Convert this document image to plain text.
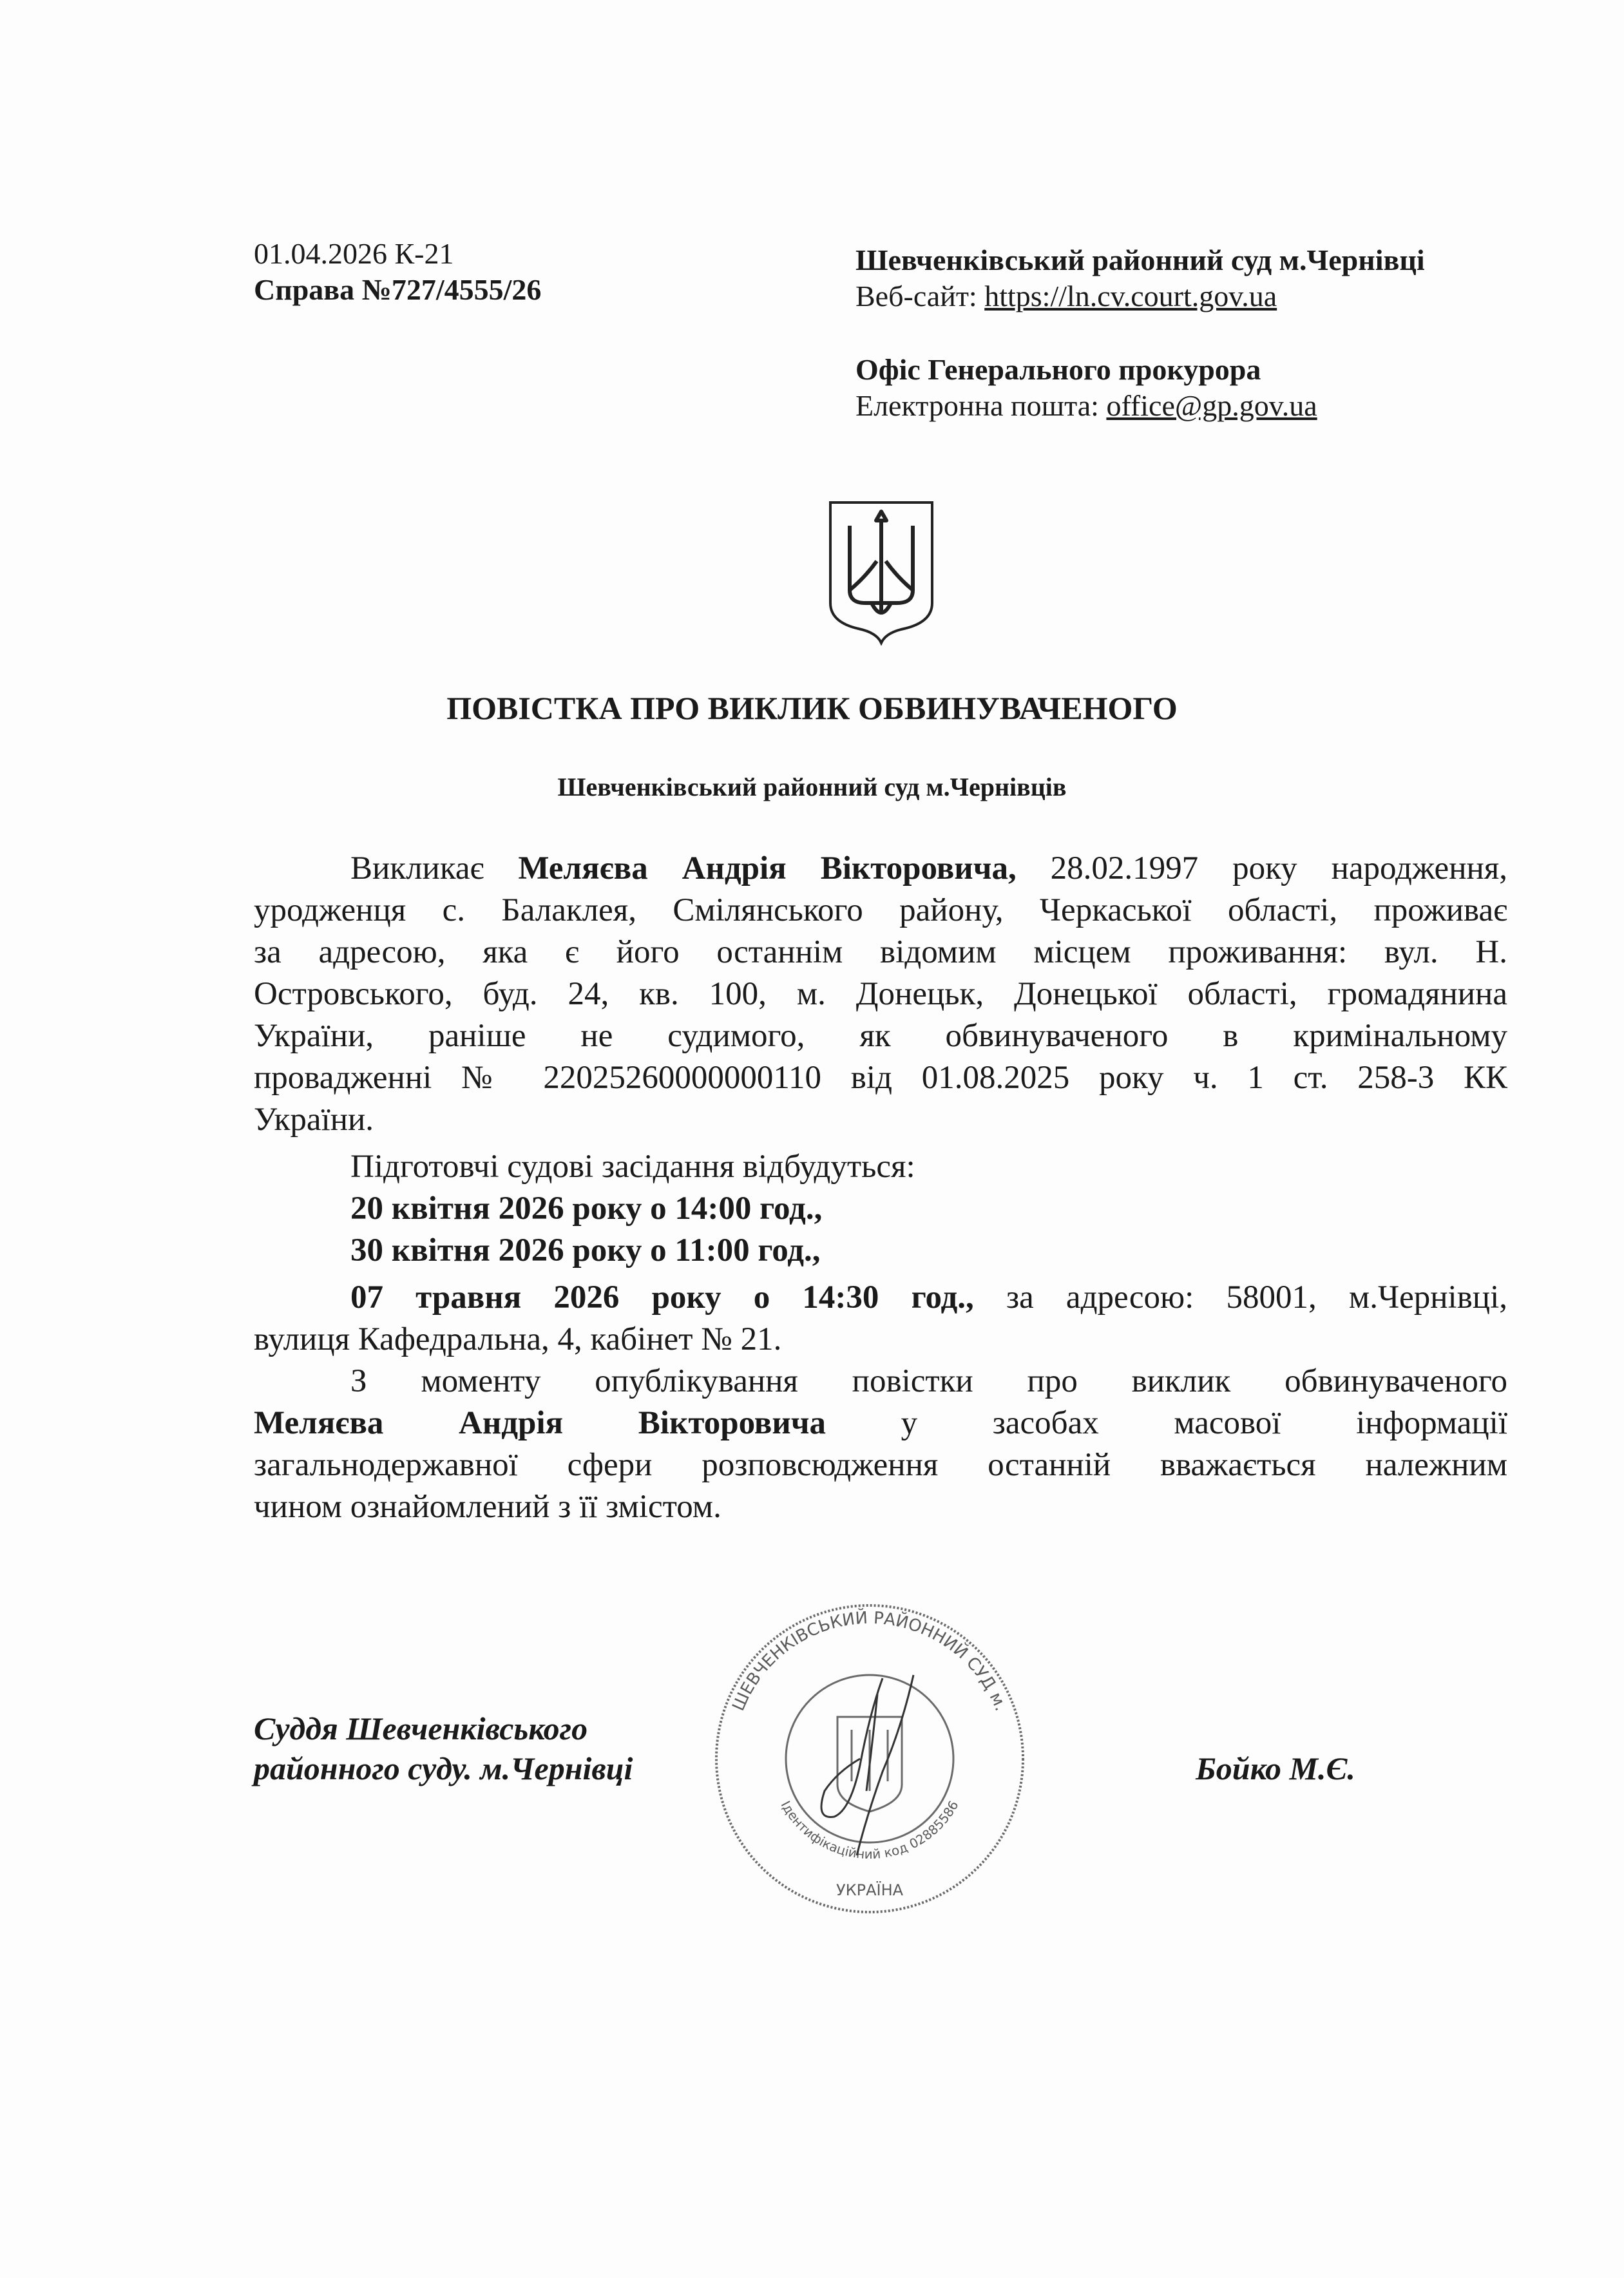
01.04.2026 К-21
Справа №727/4555/26
Шевченківський районний суд м.Чернівці
Веб-сайт: https://ln.cv.court.gov.ua
Офіс Генерального прокурора
Електронна пошта: office@gp.gov.ua
ПОВІСТКА ПРО ВИКЛИК ОБВИНУВАЧЕНОГО
Шевченківський районний суд м.Чернівців
Викликає Меляєва Андрія Вікторовича, 28.02.1997 року народження,
уродженця с. Балаклея, Смілянського району, Черкаської області, проживає
за адресою, яка є його останнім відомим місцем проживання: вул. Н.
Островського, буд. 24, кв. 100, м. Донецьк, Донецької області, громадянина
України, раніше не судимого, як обвинуваченого в кримінальному
провадженні № 22025260000000110 від 01.08.2025 року ч. 1 ст. 258-3 КК
України.
Підготовчі судові засідання відбудуться:
20 квітня 2026 року о 14:00 год.,
30 квітня 2026 року о 11:00 год.,
07 травня 2026 року о 14:30 год., за адресою: 58001, м.Чернівці,
вулиця Кафедральна, 4, кабінет № 21.
З моменту опублікування повістки про виклик обвинуваченого
Меляєва Андрія Вікторовича у засобах масової інформації
загальнодержавної сфери розповсюдження останній вважається належним
чином ознайомлений з її змістом.
Суддя Шевченківського
районного суду. м.Чернівці	Бойко М.Є.
ШЕВЧЕНКІВСЬКИЙ РАЙОННИЙ СУД м.
Ідентифікаційний код 02885586
УКРАЇНА
